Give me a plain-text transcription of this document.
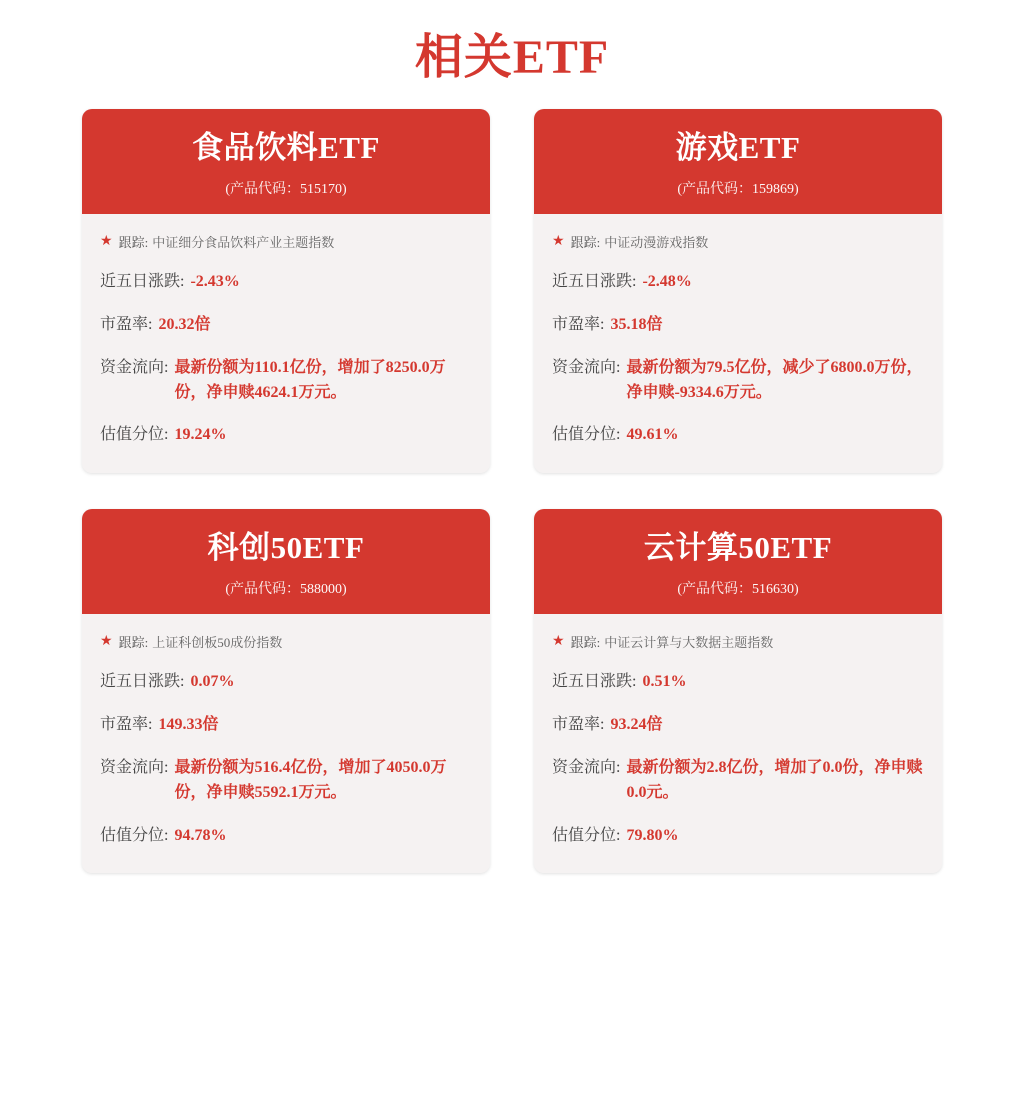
相关ETF
食品饮料ETF
(产品代码：515170)
★ 跟踪: 中证细分食品饮料产业主题指数
近五日涨跌: -2.43%
市盈率: 20.32倍
资金流向: 最新份额为110.1亿份，增加了8250.0万份，净申赎4624.1万元。
估值分位: 19.24%
游戏ETF
(产品代码：159869)
★ 跟踪: 中证动漫游戏指数
近五日涨跌: -2.48%
市盈率: 35.18倍
资金流向: 最新份额为79.5亿份，减少了6800.0万份，净申赎-9334.6万元。
估值分位: 49.61%
科创50ETF
(产品代码：588000)
★ 跟踪: 上证科创板50成份指数
近五日涨跌: 0.07%
市盈率: 149.33倍
资金流向: 最新份额为516.4亿份，增加了4050.0万份，净申赎5592.1万元。
估值分位: 94.78%
云计算50ETF
(产品代码：516630)
★ 跟踪: 中证云计算与大数据主题指数
近五日涨跌: 0.51%
市盈率: 93.24倍
资金流向: 最新份额为2.8亿份，增加了0.0份，净申赎0.0元。
估值分位: 79.80%
